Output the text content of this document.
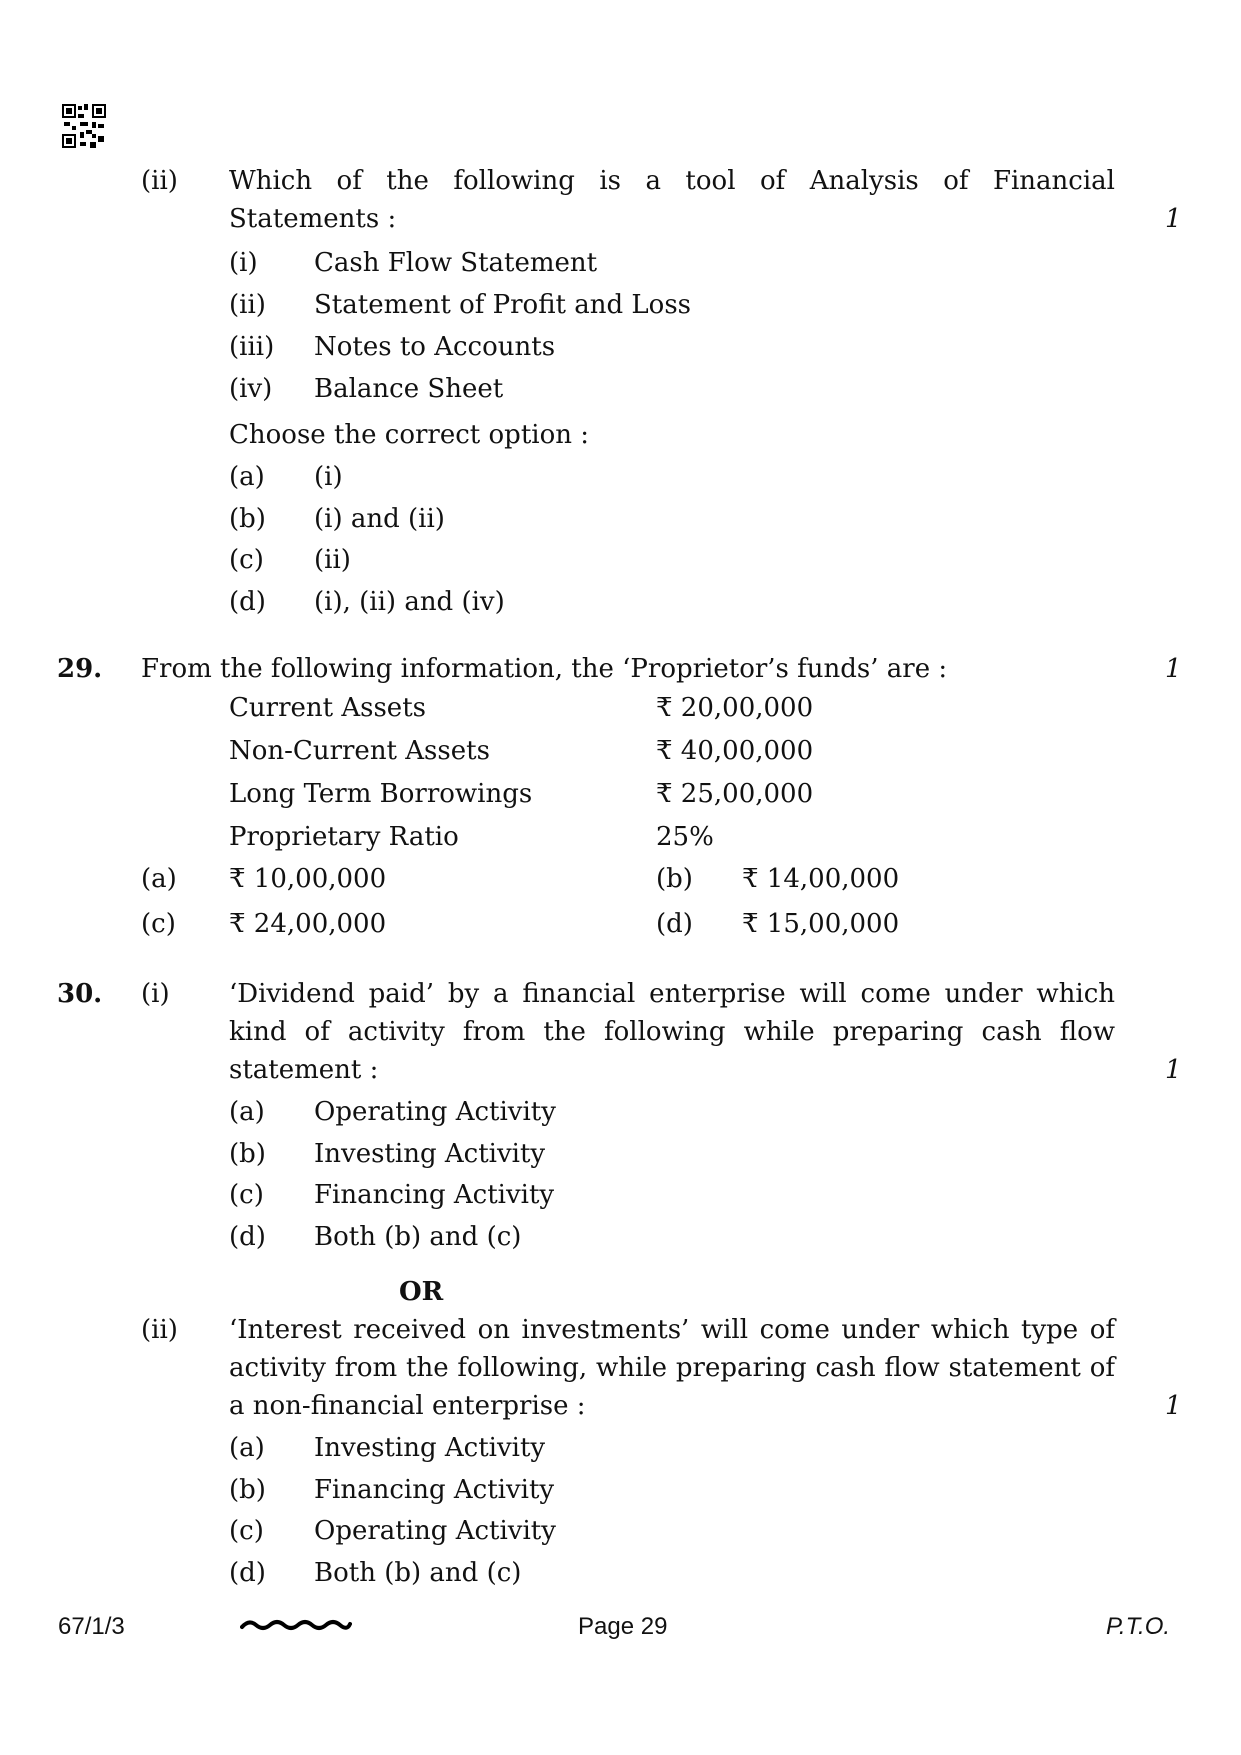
(ii) Which of the following is a tool of Analysis of Financial
Statements :	1
(i) Cash Flow Statement
(ii) Statement of Profit and Loss
(iii) Notes to Accounts
(iv) Balance Sheet
Choose the correct option :
(a) (i)
(b) (i) and (ii)
(c) (ii)
(d) (i), (ii) and (iv)
29. From the following information, the ‘Proprietor’s funds’ are :	1
Current Assets	₹ 20,00,000
Non-Current Assets	₹ 40,00,000
Long Term Borrowings	₹ 25,00,000
Proprietary Ratio	25%
(a) ₹ 10,00,000	(b) ₹ 14,00,000
(c) ₹ 24,00,000	(d) ₹ 15,00,000
30. (i) ‘Dividend paid’ by a financial enterprise will come under which
kind of activity from the following while preparing cash flow
statement :	1
(a) Operating Activity
(b) Investing Activity
(c) Financing Activity
(d) Both (b) and (c)
OR
(ii) ‘Interest received on investments’ will come under which type of
activity from the following, while preparing cash flow statement of
a non-financial enterprise :	1
(a) Investing Activity
(b) Financing Activity
(c) Operating Activity
(d) Both (b) and (c)
67/1/3	Page 29	P.T.O.
